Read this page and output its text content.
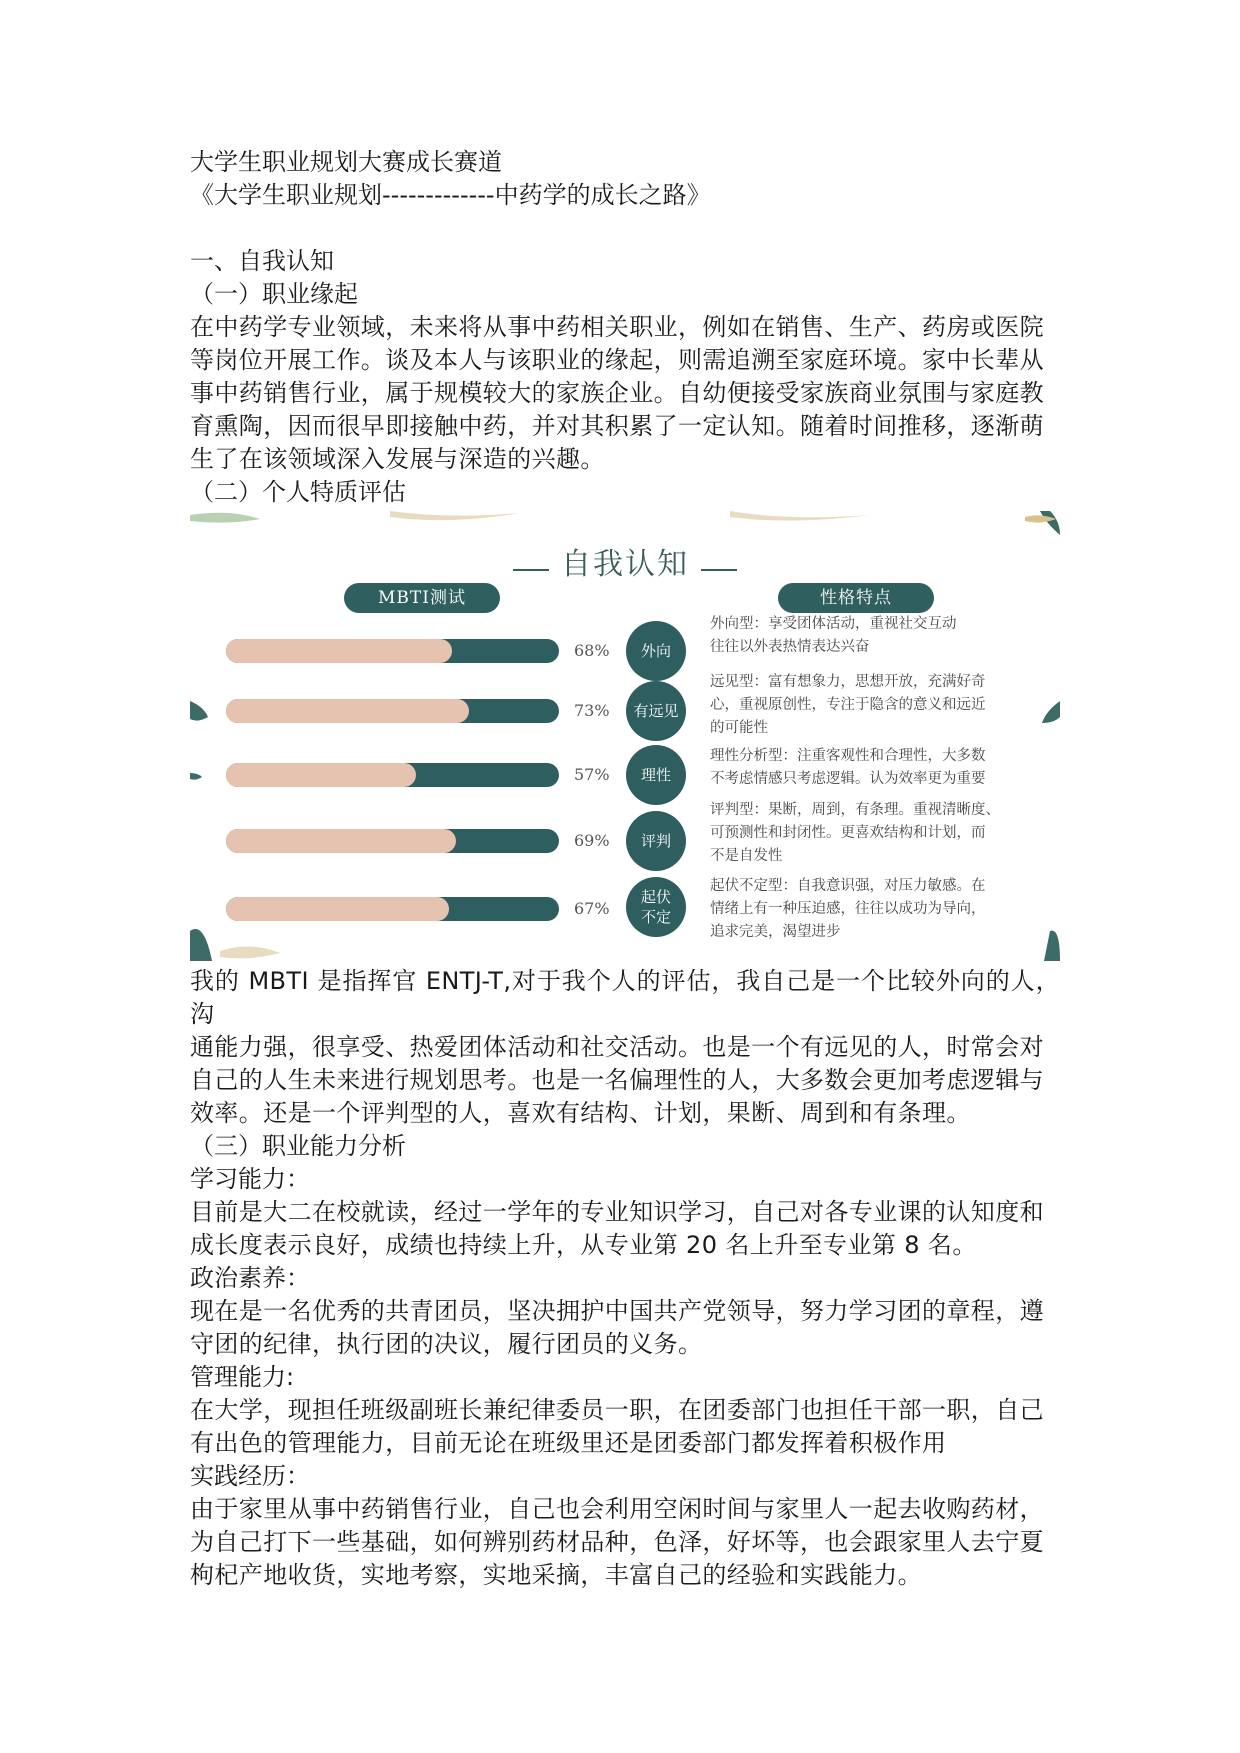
大学生职业规划大赛成长赛道

《大学生职业规划-------------中药学的成长之路》

一、自我认知

（一）职业缘起

在中药学专业领域，未来将从事中药相关职业，例如在销售、生产、药房或医院

等岗位开展工作。谈及本人与该职业的缘起，则需追溯至家庭环境。家中长辈从

事中药销售行业，属于规模较大的家族企业。自幼便接受家族商业氛围与家庭教

育熏陶，因而很早即接触中药，并对其积累了一定认知。随着时间推移，逐渐萌

生了在该领域深入发展与深造的兴趣。

（二）个人特质评估

自我认知
MBTI测试	性格特点
68% 外向
外向型：享受团体活动，重视社交互动
往往以外表热情表达兴奋
73% 有远见
远见型：富有想象力，思想开放，充满好奇
心，重视原创性，专注于隐含的意义和远近
的可能性
57% 理性
理性分析型：注重客观性和合理性，大多数
不考虑情感只考虑逻辑。认为效率更为重要
69% 评判
评判型：果断，周到，有条理。重视清晰度、
可预测性和封闭性。更喜欢结构和计划，而
不是自发性
67%
起伏
不定
起伏不定型：自我意识强，对压力敏感。在
情绪上有一种压迫感，往往以成功为导向，
追求完美，渴望进步

我的 MBTI 是指挥官 ENTJ-T,对于我个人的评估，我自己是一个比较外向的人，沟

通能力强，很享受、热爱团体活动和社交活动。也是一个有远见的人，时常会对

自己的人生未来进行规划思考。也是一名偏理性的人，大多数会更加考虑逻辑与

效率。还是一个评判型的人，喜欢有结构、计划，果断、周到和有条理。

（三）职业能力分析

学习能力：

目前是大二在校就读，经过一学年的专业知识学习，自己对各专业课的认知度和

成长度表示良好，成绩也持续上升，从专业第 20 名上升至专业第 8 名。

政治素养：

现在是一名优秀的共青团员，坚决拥护中国共产党领导，努力学习团的章程，遵

守团的纪律，执行团的决议，履行团员的义务。

管理能力:

在大学，现担任班级副班长兼纪律委员一职，在团委部门也担任干部一职，自己

有出色的管理能力，目前无论在班级里还是团委部门都发挥着积极作用

实践经历：

由于家里从事中药销售行业，自己也会利用空闲时间与家里人一起去收购药材，

为自己打下一些基础，如何辨别药材品种，色泽，好坏等，也会跟家里人去宁夏

枸杞产地收货，实地考察，实地采摘，丰富自己的经验和实践能力。
